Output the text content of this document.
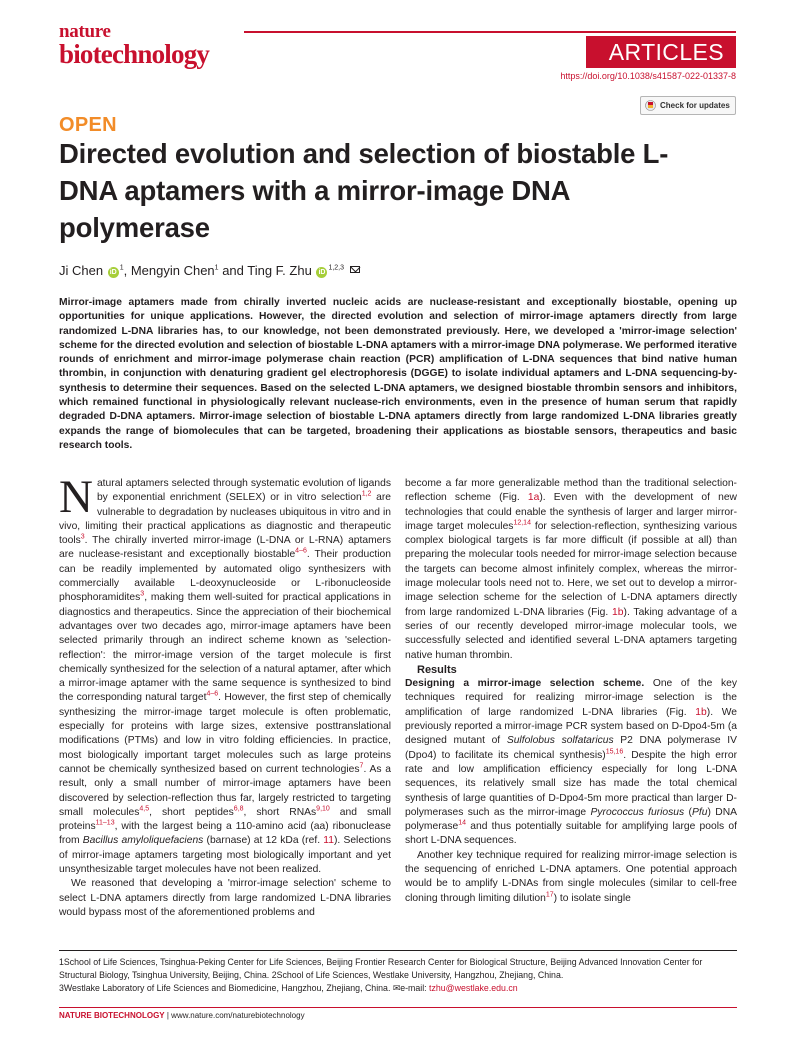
nature
biotechnology	ARTICLES
https://doi.org/10.1038/s41587-022-01337-8
Check for updates
OPEN
Directed evolution and selection of biostable L-DNA aptamers with a mirror-image DNA polymerase
Ji Chen $iD^1$, Mengyin Chen$^1$ and Ting F. Zhu iD$^{1,2,3}$
Mirror-image aptamers made from chirally inverted nucleic acids are nuclease-resistant and exceptionally biostable, opening up opportunities for unique applications. However, the directed evolution and selection of mirror-image aptamers directly from large randomized L-DNA libraries has, to our knowledge, not been demonstrated previously. Here, we developed a 'mirror-image selection' scheme for the directed evolution and selection of biostable L-DNA aptamers with a mirror-image DNA polymerase. We performed iterative rounds of enrichment and mirror-image polymerase chain reaction (PCR) amplification of L-DNA sequences that bind native human thrombin, in conjunction with denaturing gradient gel electrophoresis (DGGE) to isolate individual aptamers and L-DNA sequencing-by-synthesis to determine their sequences. Based on the selected L-DNA aptamers, we designed biostable thrombin sensors and inhibitors, which remained functional in physiologically relevant nuclease-rich environments, even in the presence of human serum that rapidly degraded D-DNA aptamers. Mirror-image selection of biostable L-DNA aptamers directly from large randomized L-DNA libraries greatly expands the range of biomolecules that can be targeted, broadening their applications as biostable sensors, therapeutics and basic research tools.

Natural aptamers selected through systematic evolution of ligands by exponential enrichment (SELEX) or in vitro selection$^{1,2}$ are vulnerable to degradation by nucleases ubiquitous in vitro and in vivo, limiting their practical applications as diagnostic and therapeutic tools$^3$. The chirally inverted mirror-image (L-DNA or L-RNA) aptamers are nuclease-resistant and exceptionally biostable$^{4-6}$. Their production can be readily implemented by automated oligo synthesizers with commercially available L-deoxynucleoside or L-ribonucleoside phosphoramidites$^3$, making them well-suited for practical applications in diagnostics and therapeutics. Since the appreciation of their biochemical advantages over two decades ago, mirror-image aptamers have been selected primarily through an indirect scheme known as 'selection-reflection': the mirror-image version of the target molecule is first chemically synthesized for the selection of a natural aptamer, after which a mirror-image aptamer with the same sequence is synthesized to bind the corresponding natural target$^{4-6}$. However, the first step of chemically synthesizing the mirror-image target molecule is often problematic, especially for proteins with large sizes, extensive posttranslational modifications (PTMs) and low in vitro folding efficiencies. In practice, most biologically important target molecules such as large proteins cannot be chemically synthesized based on current technologies$^7$. As a result, only a small number of mirror-image aptamers have been discovered by selection-reflection thus far, largely restricted to targeting small molecules$^{4,5}$, short peptides$^{6,8}$, short RNAs$^{9,10}$ and small proteins$^{11-13}$, with the largest being a 110-amino acid (aa) ribonuclease from Bacillus amyloliquefaciens (barnase) at 12 kDa (ref. 11). Selections of mirror-image aptamers targeting most biologically important and yet unsynthesizable target molecules have not been realized.

We reasoned that developing a 'mirror-image selection' scheme to select L-DNA aptamers directly from large randomized L-DNA libraries would bypass most of the aforementioned problems and

become a far more generalizable method than the traditional selection-reflection scheme (Fig. 1a). Even with the development of new technologies that could enable the synthesis of larger and larger mirror-image target molecules$^{12,14}$ for selection-reflection, synthesizing various complex biological targets is far more difficult (if possible at all) than preparing the molecular tools needed for mirror-image selection because the targets can become almost infinitely complex, whereas the mirror-image molecular tools need not to. Here, we set out to develop a mirror-image selection scheme for the selection of L-DNA aptamers directly from large randomized L-DNA libraries (Fig. 1b). Taking advantage of a series of our recently developed mirror-image molecular tools, we successfully selected and identified several L-DNA aptamers targeting native human thrombin.

Results

Designing a mirror-image selection scheme. One of the key techniques required for realizing mirror-image selection is the amplification of large randomized L-DNA libraries (Fig. 1b). We previously reported a mirror-image PCR system based on D-Dpo4-5m (a designed mutant of Sulfolobus solfataricus P2 DNA polymerase IV (Dpo4) to facilitate its chemical synthesis)$^{15,16}$. Despite the high error rate and low amplification efficiency especially for long L-DNA sequences, its relatively small size has made the total chemical synthesis of large quantities of D-Dpo4-5m more practical than larger D-polymerases such as the mirror-image Pyrococcus furiosus (Pfu) DNA polymerase$^{14}$ and thus potentially suitable for amplifying large pools of short L-DNA sequences.

Another key technique required for realizing mirror-image selection is the sequencing of enriched L-DNA aptamers. One potential approach would be to amplify L-DNAs from single molecules (similar to cell-free cloning through limiting dilution$^{17}$) to isolate single

1School of Life Sciences, Tsinghua-Peking Center for Life Sciences, Beijing Frontier Research Center for Biological Structure, Beijing Advanced Innovation Center for Structural Biology, Tsinghua University, Beijing, China. 2School of Life Sciences, Westlake University, Hangzhou, Zhejiang, China.
3Westlake Laboratory of Life Sciences and Biomedicine, Hangzhou, Zhejiang, China. ✉e-mail: tzhu@westlake.edu.cn
NATURE BIOTECHNOLOGY | www.nature.com/naturebiotechnology
